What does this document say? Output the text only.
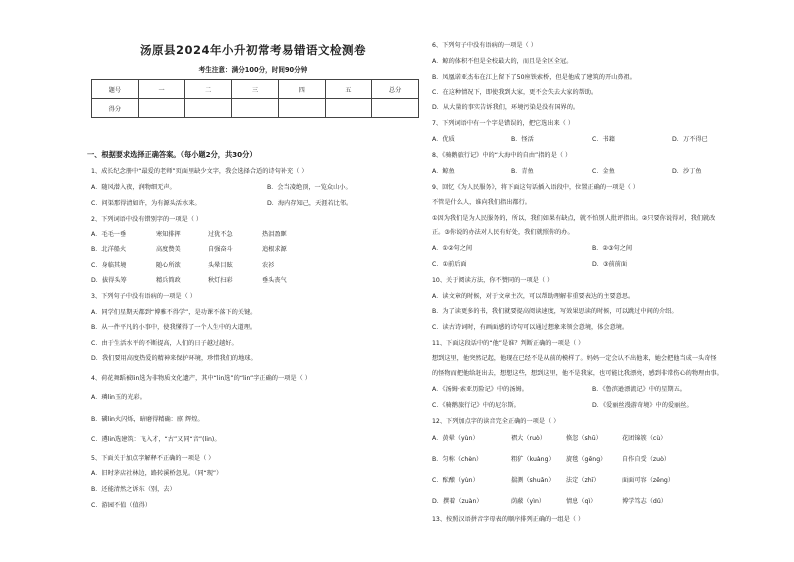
汤原县2024年小升初常考易错语文检测卷
考生注意：满分100分，时间90分钟
题号	一	二	三	四	五	总分
得分						
一、根据要求选择正确答案。（每小题2分，共30分）
1、成长纪念册中“最爱的老师”页面里缺少文字，我会选择合适的诗句补充（ ）
A．随风潜入夜，润物细无声。	B．会当凌绝顶，一览众山小。
C．问渠那得清如许，为有源头活水来。	D．海内存知己，天涯若比邻。
2、下列词语中没有错别字的一项是（ ）
A．毛毛一垂	寒知排挥	过犹不急	热泪盈眶
B．北洋船火	高度赞美	自强奋斗	追根求源
C．身临其境	随心所欲	头晕目眩	农衫
D．拔得头筹	精兵简政	秋灯扫彩	垂头丧气
3、下列句子中没有语病的一项是（ ）
A．同学们星期天都到“博雅不得学”，是功课不落下的关键。
B．从一件平凡的小事中，使我懂得了一个人生中的大道理。
C．由于生活水平的不断提高，人们的日子越过越好。
D．我们要用高度热爱的精神来保护环境，珍惜我们的地球。
4、荷花舞蹈被lin选为非物质文化遗产，其中“lin选”的“lin”字正确的一项是（ ）
A．璘lin玉的光彩。
B．磷lin火闪烁，暗磨得精确：廪 辉煌。
C．遴lin选建筑：飞入才，“古”又同“音”(lin)。
5、下面关于加点字解释不正确的一项是（ ）
A．旧时茅店社林边，路转溪桥忽见。（同“现”）
B．还能清然之诉东（别，去）
C．游园不值（值得）
6、下列句子中没有语病的一项是（ ）
A．鲸的体积不但是全校最大的，而且是全区全冠。
B．凤凰诺亚杰布在江上留下了50座铁索桥，但是他成了建筑的开山鼻祖。
C．在这种情况下，即使我到大家，更不会失去大家的帮助。
D．从大量的事实告诉我们，环境污染是没有国界的。
7、下列词语中有一个字是错误的，把它选出来（ ）
A．优质	B．怪活	C．书籍	D．万不得已
8、《骑鹅旅行记》中的“大海中的自由”指的是（ ）
A．鲸鱼	B．青鱼	C．金鱼	D．沙丁鱼
9、回忆《为人民服务》，将下面这句话插入语段中，位置正确的一项是（ ）
不管是什么人，谁向我们指出都行。
①因为我们是为人民服务的，所以，我们如果有缺点，就不怕别人批评指出。②只要你说得对，我们就改
正。③你说的办法对人民有好处，我们就照你的办。
A．①②句之间	B．②③句之间
C．①前后面	D．③前前面
10、关于阅读方法，你不赞同的一项是（ ）
A．读文章的时候，对于文章主次，可以帮助理解非重要表达的主要意思。
B．为了读更多的书，我们就要提高阅读速度，写效果思读的时候，可以跳过中间的介绍。
C．读古诗词时，有画面感的诗句可以通过想象来领会意境，体会意境。
11、下面这段话中的“他”是谁？判断正确的一项是（ ）
想到这里，他突然记起，他现在已经不是从前的模样了。妈妈一定会认不出他来，她会把他当成一头奇怪
的怪物而把他给赶出去，想想这些，想到这里，他不是我家，也可能比我漂亮，感到非常伤心的物理由事。
A．《汤姆·索亚历险记》中的汤姆。	B．《鲁滨逊漂流记》中的星期五。
C．《骑鹅旅行记》中的尼尔斯。	D．《爱丽丝漫游奇境》中的爱丽丝。
12、下列加点字的读音完全正确的一项是（ ）
A．黄晕（yùn）	褶大（ruò）	倏忽（shū）	花团锦簇（cù）
B．匀称（chèn）	粗犷（kuàng） 旋毯（gēng）	自作自受（zuò）
C．酝酿（yùn）	揣测（shuǎn） 法定（zhī）	面面可容（zēng）
D．撰着（zuàn）	荫蔽（yìn）	情息（qì）	博学笃志（dǔ）
13、按照汉语拼音字母表的顺序排列正确的一组是（ ）
